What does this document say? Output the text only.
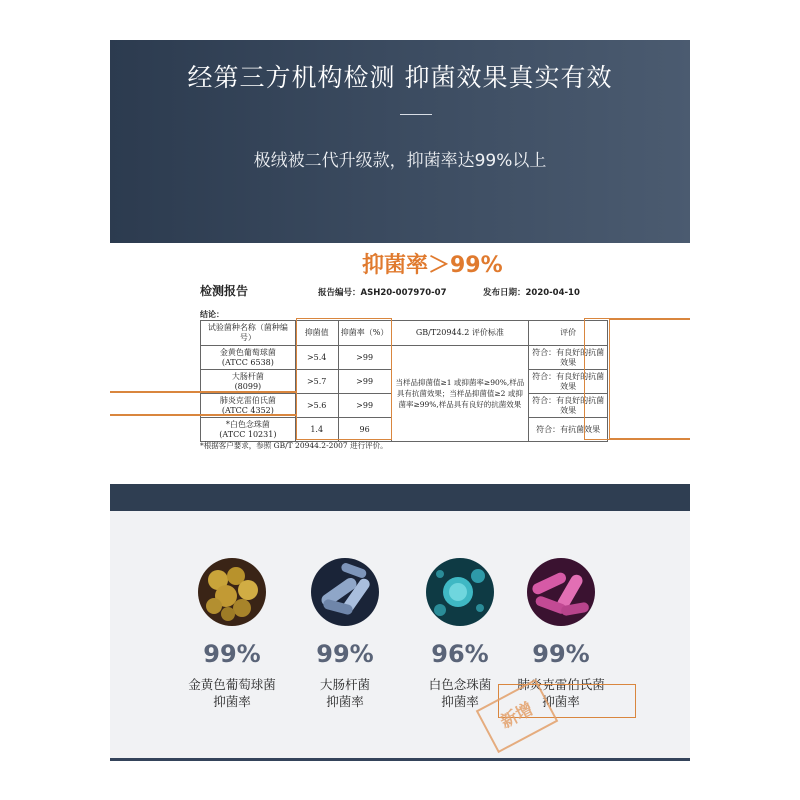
经第三方机构检测 抑菌效果真实有效
极绒被二代升级款，抑菌率达99%以上
抑菌率＞99%
检测报告	报告编号：ASH20-007970-07	发布日期：2020-04-10
结论：
试验菌种名称（菌种编号）	抑菌值	抑菌率（%）	GB/T20944.2 评价标准	评价
金黄色葡萄球菌
(ATCC 6538)	>5.4	>99	当样品抑菌值≥1 或抑菌率≥90%,样品具有抗菌效果；当样品抑菌值≥2 或抑菌率≥99%,样品具有良好的抗菌效果	符合：有良好的抗菌效果
大肠杆菌
(8099)	>5.7	>99		符合：有良好的抗菌效果
肺炎克雷伯氏菌
(ATCC 4352)	>5.6	>99		符合：有良好的抗菌效果
*白色念珠菌
(ATCC 10231)	1.4	96		符合：有抗菌效果
*根据客户要求，参照 GB/T 20944.2-2007 进行评价。
99%
金黄色葡萄球菌
抑菌率
99%
大肠杆菌
抑菌率
96%
白色念珠菌
抑菌率
99%
肺炎克雷伯氏菌
抑菌率
新增
